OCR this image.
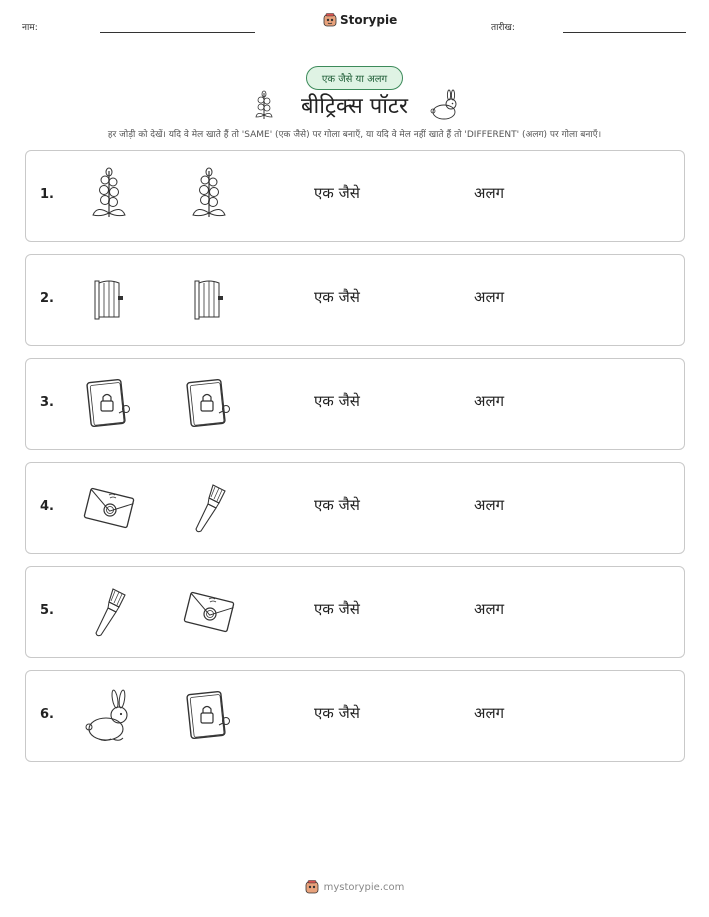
नाम:
Storypie
तारीख:
एक जैसे या अलग
बीट्रिक्स पॉटर
हर जोड़ी को देखें। यदि वे मेल खाते हैं तो 'SAME' (एक जैसे) पर गोला बनाएँ, या यदि वे मेल नहीं खाते हैं तो 'DIFFERENT' (अलग) पर गोला बनाएँ।
1.	एक जैसे	अलग
2.	एक जैसे	अलग
3.	एक जैसे	अलग
4.	एक जैसे	अलग
5.	एक जैसे	अलग
6.	एक जैसे	अलग
mystorypie.com
